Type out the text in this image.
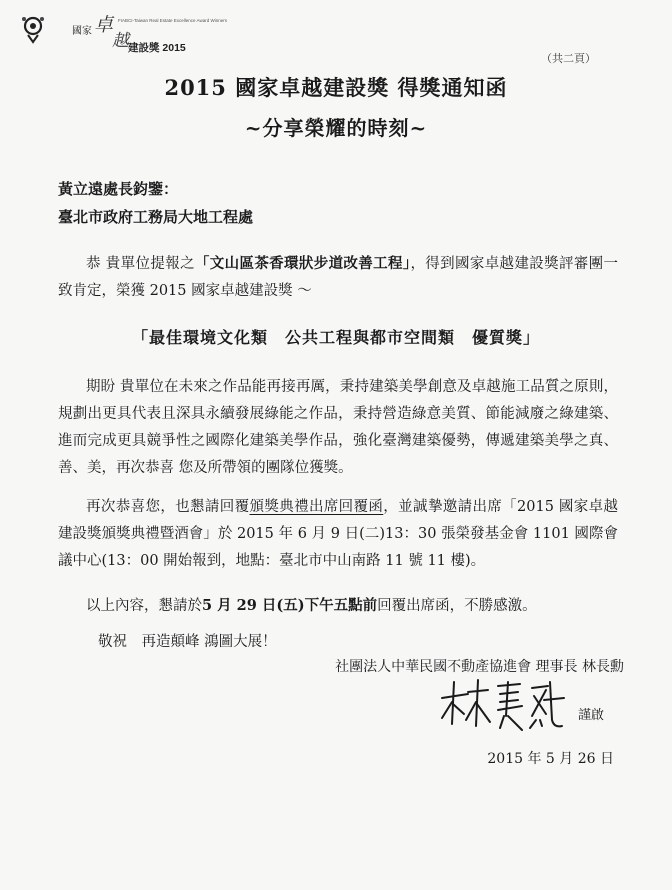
國家 卓
越
FIABCI-Taiwan Real Estate Excellence Award Winners
建設獎 2015
（共二頁）
2015 國家卓越建設獎 得獎通知函
~分享榮耀的時刻~
黃立遠處長鈞鑒：
臺北市政府工務局大地工程處

恭 貴單位提報之「文山區茶香環狀步道改善工程」，得到國家卓越建設獎評審團一致肯定，榮獲 2015 國家卓越建設獎 ～

「最佳環境文化類　公共工程與都市空間類　優質獎」

期盼 貴單位在未來之作品能再接再厲，秉持建築美學創意及卓越施工品質之原則，規劃出更具代表且深具永續發展綠能之作品，秉持營造綠意美質、節能減廢之綠建築、進而完成更具競爭性之國際化建築美學作品，強化臺灣建築優勢，傳遞建築美學之真、善、美，再次恭喜 您及所帶領的團隊位獲獎。

再次恭喜您，也懇請回覆頒獎典禮出席回覆函，並誠摯邀請出席「2015 國家卓越建設獎頒獎典禮暨酒會」於 2015 年 6 月 9 日(二)13：30 張榮發基金會 1101 國際會議中心(13：00 開始報到，地點：臺北市中山南路 11 號 11 樓)。

以上內容，懇請於5 月 29 日(五)下午五點前回覆出席函，不勝感激。

敬祝　再造顛峰 鴻圖大展！
社團法人中華民國不動產協進會 理事長 林長勳
謹啟
2015 年 5 月 26 日
